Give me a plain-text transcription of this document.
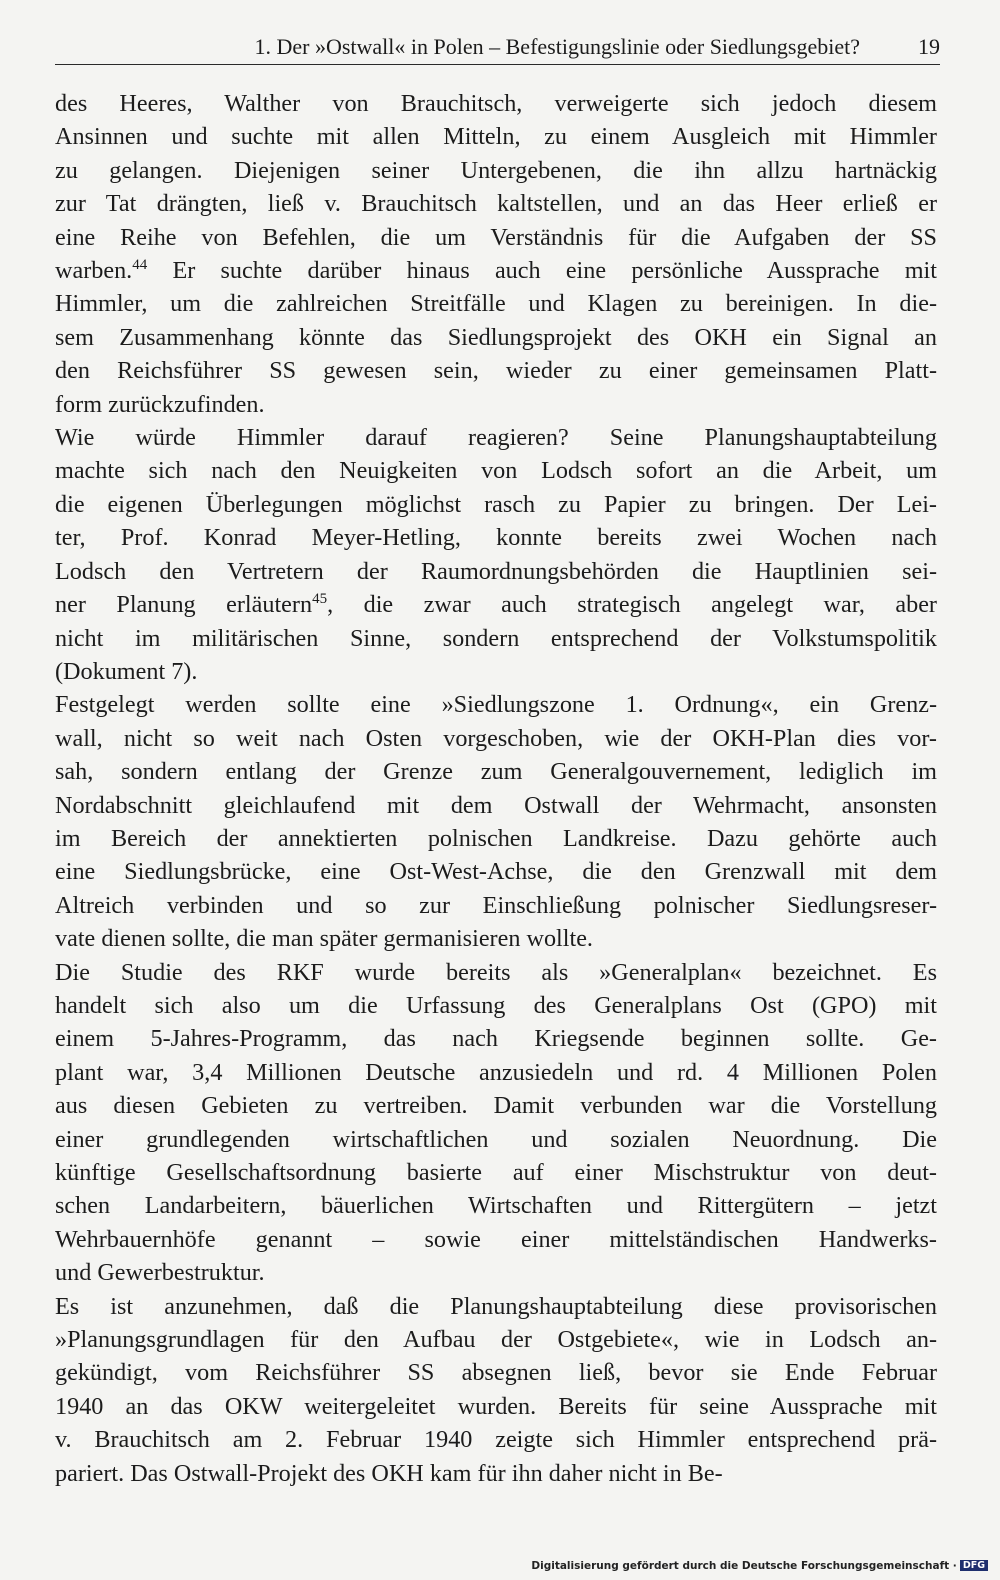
1. Der »Ostwall« in Polen – Befestigungslinie oder Siedlungsgebiet?	19
des Heeres, Walther von Brauchitsch, verweigerte sich jedoch diesem
Ansinnen und suchte mit allen Mitteln, zu einem Ausgleich mit Himmler
zu gelangen. Diejenigen seiner Untergebenen, die ihn allzu hartnäckig
zur Tat drängten, ließ v. Brauchitsch kaltstellen, und an das Heer erließ er
eine Reihe von Befehlen, die um Verständnis für die Aufgaben der SS
warben.$^{44}$ Er suchte darüber hinaus auch eine persönliche Aussprache mit
Himmler, um die zahlreichen Streitfälle und Klagen zu bereinigen. In die-
sem Zusammenhang könnte das Siedlungsprojekt des OKH ein Signal an
den Reichsführer SS gewesen sein, wieder zu einer gemeinsamen Platt-
form zurückzufinden.
Wie würde Himmler darauf reagieren? Seine Planungshauptabteilung
machte sich nach den Neuigkeiten von Lodsch sofort an die Arbeit, um
die eigenen Überlegungen möglichst rasch zu Papier zu bringen. Der Lei-
ter, Prof. Konrad Meyer-Hetling, konnte bereits zwei Wochen nach
Lodsch den Vertretern der Raumordnungsbehörden die Hauptlinien sei-
ner Planung erläutern$^{45}$, die zwar auch strategisch angelegt war, aber
nicht im militärischen Sinne, sondern entsprechend der Volkstumspolitik
(Dokument 7).
Festgelegt werden sollte eine »Siedlungszone 1. Ordnung«, ein Grenz-
wall, nicht so weit nach Osten vorgeschoben, wie der OKH-Plan dies vor-
sah, sondern entlang der Grenze zum Generalgouvernement, lediglich im
Nordabschnitt gleichlaufend mit dem Ostwall der Wehrmacht, ansonsten
im Bereich der annektierten polnischen Landkreise. Dazu gehörte auch
eine Siedlungsbrücke, eine Ost-West-Achse, die den Grenzwall mit dem
Altreich verbinden und so zur Einschließung polnischer Siedlungsreser-
vate dienen sollte, die man später germanisieren wollte.
Die Studie des RKF wurde bereits als »Generalplan« bezeichnet. Es
handelt sich also um die Urfassung des Generalplans Ost (GPO) mit
einem 5-Jahres-Programm, das nach Kriegsende beginnen sollte. Ge-
plant war, 3,4 Millionen Deutsche anzusiedeln und rd. 4 Millionen Polen
aus diesen Gebieten zu vertreiben. Damit verbunden war die Vorstellung
einer grundlegenden wirtschaftlichen und sozialen Neuordnung. Die
künftige Gesellschaftsordnung basierte auf einer Mischstruktur von deut-
schen Landarbeitern, bäuerlichen Wirtschaften und Rittergütern – jetzt
Wehrbauernhöfe genannt – sowie einer mittelständischen Handwerks-
und Gewerbestruktur.
Es ist anzunehmen, daß die Planungshauptabteilung diese provisorischen
»Planungsgrundlagen für den Aufbau der Ostgebiete«, wie in Lodsch an-
gekündigt, vom Reichsführer SS absegnen ließ, bevor sie Ende Februar
1940 an das OKW weitergeleitet wurden. Bereits für seine Aussprache mit
v. Brauchitsch am 2. Februar 1940 zeigte sich Himmler entsprechend prä-
pariert. Das Ostwall-Projekt des OKH kam für ihn daher nicht in Be-
Digitalisierung gefördert durch die Deutsche Forschungsgemeinschaft · DFG
